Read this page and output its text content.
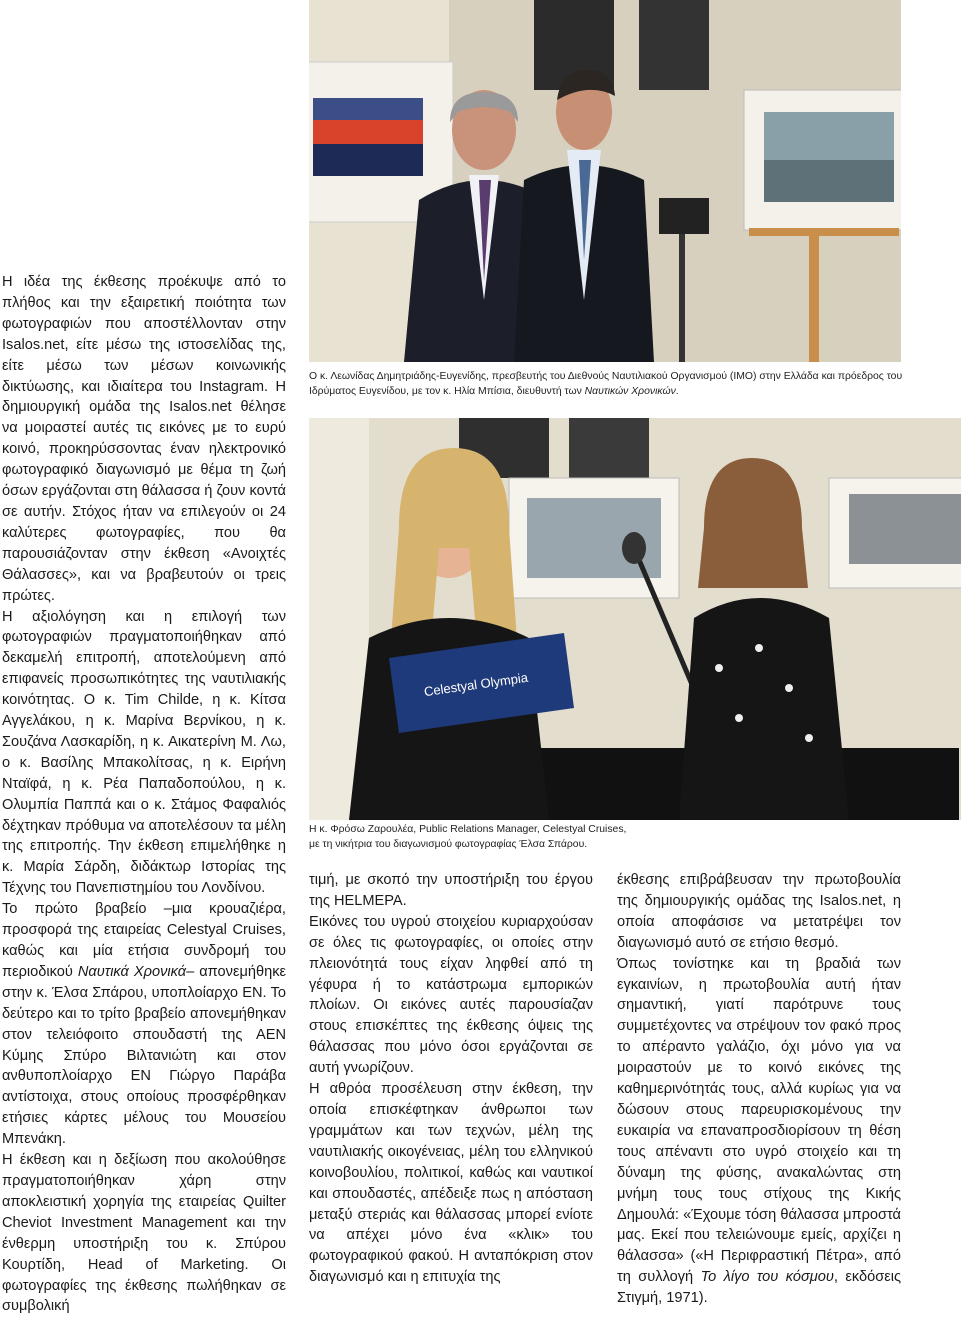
Ο κ. Λεωνίδας Δημητριάδης-Ευγενίδης, πρεσβευτής του Διεθνούς Ναυτιλιακού Οργανισμού (IMO) στην Ελλάδα και πρόεδρος του Ιδρύματος Ευγενίδου, με τον κ. Ηλία Μπίσια, διευθυντή των Ναυτικών Χρονικών.
Celestyal Olympia
Η κ. Φρόσω Ζαρουλέα, Public Relations Manager, Celestyal Cruises,
με τη νικήτρια του διαγωνισμού φωτογραφίας Έλσα Σπάρου.

Η ιδέα της έκθεσης προέκυψε από το πλήθος και την εξαιρετική ποιότητα των φωτογραφιών που αποστέλλονταν στην Isalos.net, είτε μέσω της ιστοσελίδας της, είτε μέσω των μέσων κοινωνικής δικτύωσης, και ιδιαίτερα του Instagram. Η δημιουργική ομάδα της Isalos.net θέλησε να μοιραστεί αυτές τις εικόνες με το ευρύ κοινό, προκηρύσσοντας έναν ηλεκτρονικό φωτογραφικό διαγωνισμό με θέμα τη ζωή όσων εργάζονται στη θάλασσα ή ζουν κοντά σε αυτήν. Στόχος ήταν να επιλεγούν οι 24 καλύτερες φωτογραφίες, που θα παρουσιάζονταν στην έκθεση «Ανοιχτές Θάλασσες», και να βραβευτούν οι τρεις πρώτες.

Η αξιολόγηση και η επιλογή των φωτογραφιών πραγματοποιήθηκαν από δεκαμελή επιτροπή, αποτελούμενη από επιφανείς προσωπικότητες της ναυτιλιακής κοινότητας. Ο κ. Tim Childe, η κ. Κίτσα Αγγελάκου, η κ. Μαρίνα Βερνίκου, η κ. Σουζάνα Λασκαρίδη, η κ. Αικατερίνη Μ. Λω, ο κ. Βασίλης Μπακολίτσας, η κ. Ειρήνη Νταϊφά, η κ. Ρέα Παπαδοπούλου, η κ. Ολυμπία Παππά και ο κ. Στάμος Φαφαλιός δέχτηκαν πρόθυμα να αποτελέσουν τα μέλη της επιτροπής. Την έκθεση επιμελήθηκε η κ. Μαρία Σάρδη, διδάκτωρ Ιστορίας της Τέχνης του Πανεπιστημίου του Λονδίνου.

Το πρώτο βραβείο –μια κρουαζιέρα, προσφορά της εταιρείας Celestyal Cruises, καθώς και μία ετήσια συνδρομή του περιοδικού Ναυτικά Χρονικά– απονεμήθηκε στην κ. Έλσα Σπάρου, υποπλοίαρχο ΕΝ. Το δεύτερο και το τρίτο βραβείο απονεμήθηκαν στον τελειόφοιτο σπουδαστή της ΑΕΝ Κύμης Σπύρο Βιλτανιώτη και στον ανθυποπλοίαρχο ΕΝ Γιώργο Παράβα αντίστοιχα, στους οποίους προσφέρθηκαν ετήσιες κάρτες μέλους του Μουσείου Μπενάκη.

Η έκθεση και η δεξίωση που ακολούθησε πραγματοποιήθηκαν χάρη στην αποκλειστική χορηγία της εταιρείας Quilter Cheviot Investment Management και την ένθερμη υποστήριξη του κ. Σπύρου Κουρτίδη, Head of Marketing. Οι φωτογραφίες της έκθεσης πωλήθηκαν σε συμβολική

τιμή, με σκοπό την υποστήριξη του έργου της HELMEPA.

Εικόνες του υγρού στοιχείου κυριαρχούσαν σε όλες τις φωτογραφίες, οι οποίες στην πλειονότητά τους είχαν ληφθεί από τη γέφυρα ή το κατάστρωμα εμπορικών πλοίων. Οι εικόνες αυτές παρουσίαζαν στους επισκέπτες της έκθεσης όψεις της θάλασσας που μόνο όσοι εργάζονται σε αυτή γνωρίζουν.

Η αθρόα προσέλευση στην έκθεση, την οποία επισκέφτηκαν άνθρωποι των γραμμάτων και των τεχνών, μέλη της ναυτιλιακής οικογένειας, μέλη του ελληνικού κοινοβουλίου, πολιτικοί, καθώς και ναυτικοί και σπουδαστές, απέδειξε πως η απόσταση μεταξύ στεριάς και θάλασσας μπορεί ενίοτε να απέχει μόνο ένα «κλικ» του φωτογραφικού φακού. Η ανταπόκριση στον διαγωνισμό και η επιτυχία της

έκθεσης επιβράβευσαν την πρωτοβουλία της δημιουργικής ομάδας της Isalos.net, η οποία αποφάσισε να μετατρέψει τον διαγωνισμό αυτό σε ετήσιο θεσμό.

Όπως τονίστηκε και τη βραδιά των εγκαινίων, η πρωτοβουλία αυτή ήταν σημαντική, γιατί παρότρυνε τους συμμετέχοντες να στρέψουν τον φακό προς το απέραντο γαλάζιο, όχι μόνο για να μοιραστούν με το κοινό εικόνες της καθημερινότητάς τους, αλλά κυρίως για να δώσουν στους παρευρισκομένους την ευκαιρία να επαναπροσδιορίσουν τη θέση τους απέναντι στο υγρό στοιχείο και τη δύναμη της φύσης, ανακαλώντας στη μνήμη τους τους στίχους της Κικής Δημουλά: «Έχουμε τόση θάλασσα μπροστά μας. Εκεί που τελειώνουμε εμείς, αρχίζει η θάλασσα» («Η Περιφραστική Πέτρα», από τη συλλογή Το λίγο του κόσμου, εκδόσεις Στιγμή, 1971).
